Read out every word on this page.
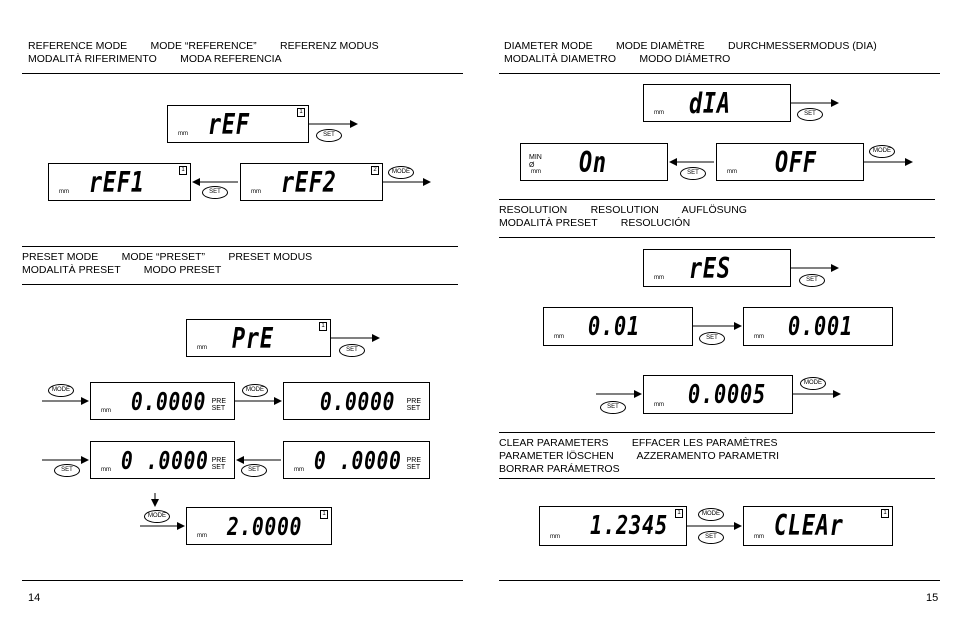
REFERENCE MODE        MODE “REFERENCE”        REFERENZ MODUS
MODALITÀ RIFERIMENTO        MODA REFERENCIA
rEF
mm
1
SET
rEF1
mm
1
SET rEF2
mm
2	MODE
PRESET MODE        MODE “PRESET”        PRESET MODUS
MODALITÀ PRESET        MODO PRESET
PrE
mm
1
SET
MODE 0.0000
mm
PRE
SET
MODE 0.0000 PRE
SET
SET 0 .0000
mm
PRE
SET	SET 0 .0000
mm
PRE
SET
MODE 2.0000
mm
1
14
DIAMETER MODE        MODE DIAMÈTRE        DURCHMESSERMODUS (DIA)
MODALITÀ DIAMETRO        MODO DIÁMETRO
dIA
mm	SET
MIN
Ø On
mm	SET	OFF
mm
MODE
RESOLUTION        RESOLUTION        AUFLÖSUNG
MODALITÀ PRESET        RESOLUCIÓN
rES
mm	SET
0.01
mm	SET	0.001
mm
SET	0.0005
mm
MODE
CLEAR PARAMETERS        EFFACER LES PARAMÈTRES
PARAMETER lÖSCHEN        AZZERAMENTO PARAMETRI
BORRAR PARÁMETROS
1.2345
mm
1	MODE
SET CLEAr
mm
1
15
